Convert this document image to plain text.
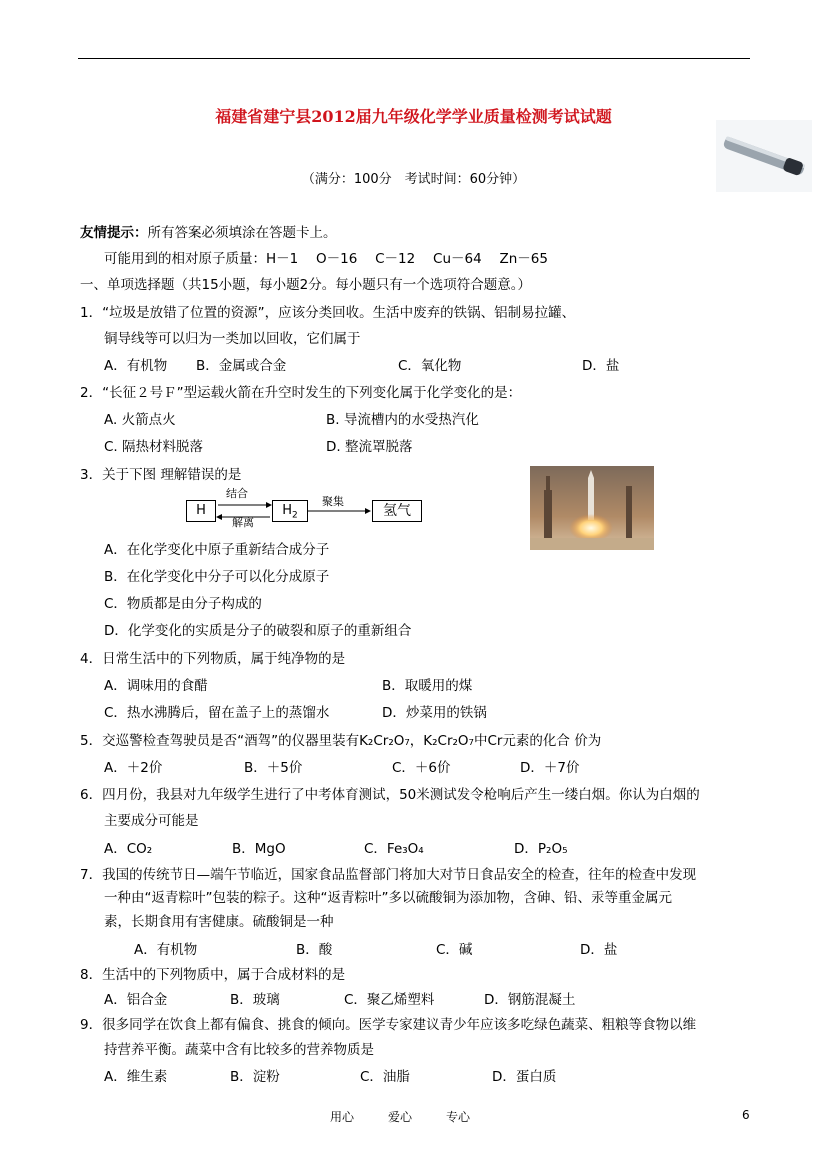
福建省建宁县2012届九年级化学学业质量检测考试试题
（满分：100分　考试时间：60分钟）
友情提示：所有答案必须填涂在答题卡上。
可能用到的相对原子质量：H－1　 O－16　 C－12　 Cu－64　 Zn－65
一、单项选择题（共15小题，每小题2分。每小题只有一个选项符合题意。）
1．“垃圾是放错了位置的资源”，应该分类回收。生活中废弃的铁锅、铝制易拉罐、
铜导线等可以归为一类加以回收，它们属于
A．有机物 B．金属或合金	C．氧化物	D．盐
2．“长征２号Ｆ”型运载火箭在升空时发生的下列变化属于化学变化的是：
A. 火箭点火	B. 导流槽内的水受热汽化
C. 隔热材料脱落	D. 整流罩脱落
3．关于下图 理解错误的是
H	$H_2$	氢气
结合
解离
聚集
A．在化学变化中原子重新结合成分子
B．在化学变化中分子可以化分成原子
C．物质都是由分子构成的
D．化学变化的实质是分子的破裂和原子的重新组合
4．日常生活中的下列物质，属于纯净物的是
A．调味用的食醋	B．取暖用的煤
C．热水沸腾后，留在盖子上的蒸馏水	D．炒菜用的铁锅
5．交巡警检查驾驶员是否“酒驾”的仪器里装有K₂Cr₂O₇，K₂Cr₂O₇中Cr元素的化合 价为
A．＋2价	B．＋5价	C．＋6价	D．＋7价
6．四月份，我县对九年级学生进行了中考体育测试，50米测试发令枪响后产生一缕白烟。你认为白烟的
主要成分可能是
A．CO₂	B．MgO	C．Fe₃O₄	D．P₂O₅
7．我国的传统节日—端午节临近，国家食品监督部门将加大对节日食品安全的检查，往年的检查中发现
一种由“返青粽叶”包装的粽子。这种“返青粽叶”多以硫酸铜为添加物，含砷、铅、汞等重金属元
素，长期食用有害健康。硫酸铜是一种
A．有机物	B．酸	C．碱	D．盐
8．生活中的下列物质中，属于合成材料的是
A．铝合金	B．玻璃	C．聚乙烯塑料	D．钢筋混凝土
9．很多同学在饮食上都有偏食、挑食的倾向。医学专家建议青少年应该多吃绿色蔬菜、粗粮等食物以维
持营养平衡。蔬菜中含有比较多的营养物质是
A．维生素	B．淀粉	C．油脂	D．蛋白质
用心	爱心	专心	6
